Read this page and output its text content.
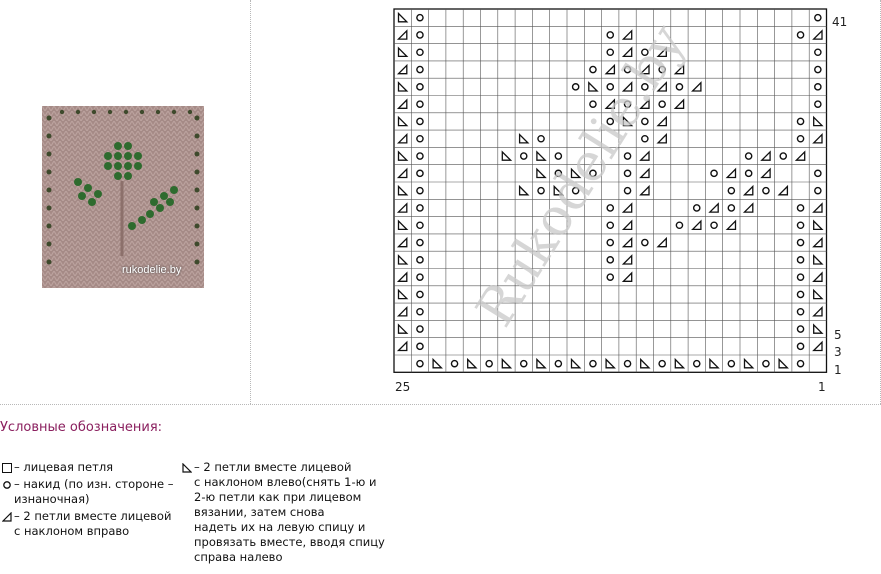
rukodelie.by	Rukodelie.by	41
5
3
1
25	1
Условные обозначения:
– лицевая петля
– накид (по изн. стороне –
изнаночная)
– 2 петли вместе лицевой
с наклоном вправо
– 2 петли вместе лицевой
с наклоном влево(снять 1-ю и
2-ю петли как при лицевом
вязании, затем снова
надеть их на левую спицу и
провязать вместе, вводя спицу
справа налево
